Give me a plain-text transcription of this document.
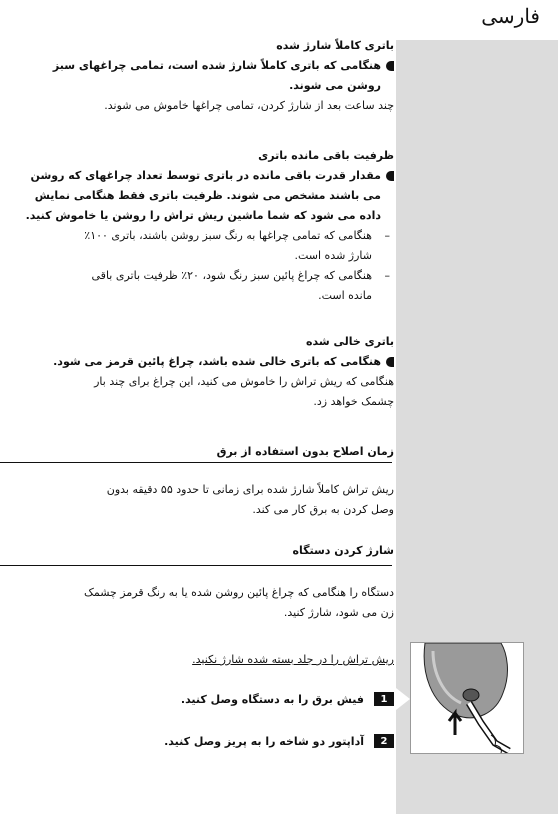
فارسی

باتری کاملاً شارژ شده

هنگامی که باتری کاملاً شارژ شده است، تمامی چراغهای سبز

روشن می شوند.

چند ساعت بعد از شارژ کردن، تمامی چراغها خاموش می شوند.

ظرفیت باقی مانده باتری

مقدار قدرت باقی مانده در باتری توسط تعداد چراغهای که روشن

می باشند مشخص می شوند. ظرفیت باتری فقط هنگامی نمایش

داده می شود که شما ماشین ریش تراش را روشن یا خاموش کنید.

–
هنگامی که تمامی چراغها به رنگ سبز روشن باشند، باتری ۱۰۰٪

شارژ شده است.

–
هنگامی که چراغ پائین سبز رنگ شود، ۲۰٪ ظرفیت باتری باقی

مانده است.

باتری خالی شده

هنگامی که باتری خالی شده باشد، چراغ پائین قرمز می شود.

هنگامی که ریش تراش را خاموش می کنید، این چراغ برای چند بار

چشمک خواهد زد.

زمان اصلاح بدون استفاده از برق

ریش تراش کاملاً شارژ شده برای زمانی تا حدود ۵۵ دقیقه بدون

وصل کردن به برق کار می کند.

شارژ کردن دستگاه

دستگاه را هنگامی که چراغ پائین روشن شده یا به رنگ قرمز چشمک

زن می شود، شارژ کنید.

ریش تراش را در جلد بسته شده شارژ نکنید.

1
فیش برق را به دستگاه وصل کنید.
2
آداپتور دو شاخه را به پریز وصل کنید.
